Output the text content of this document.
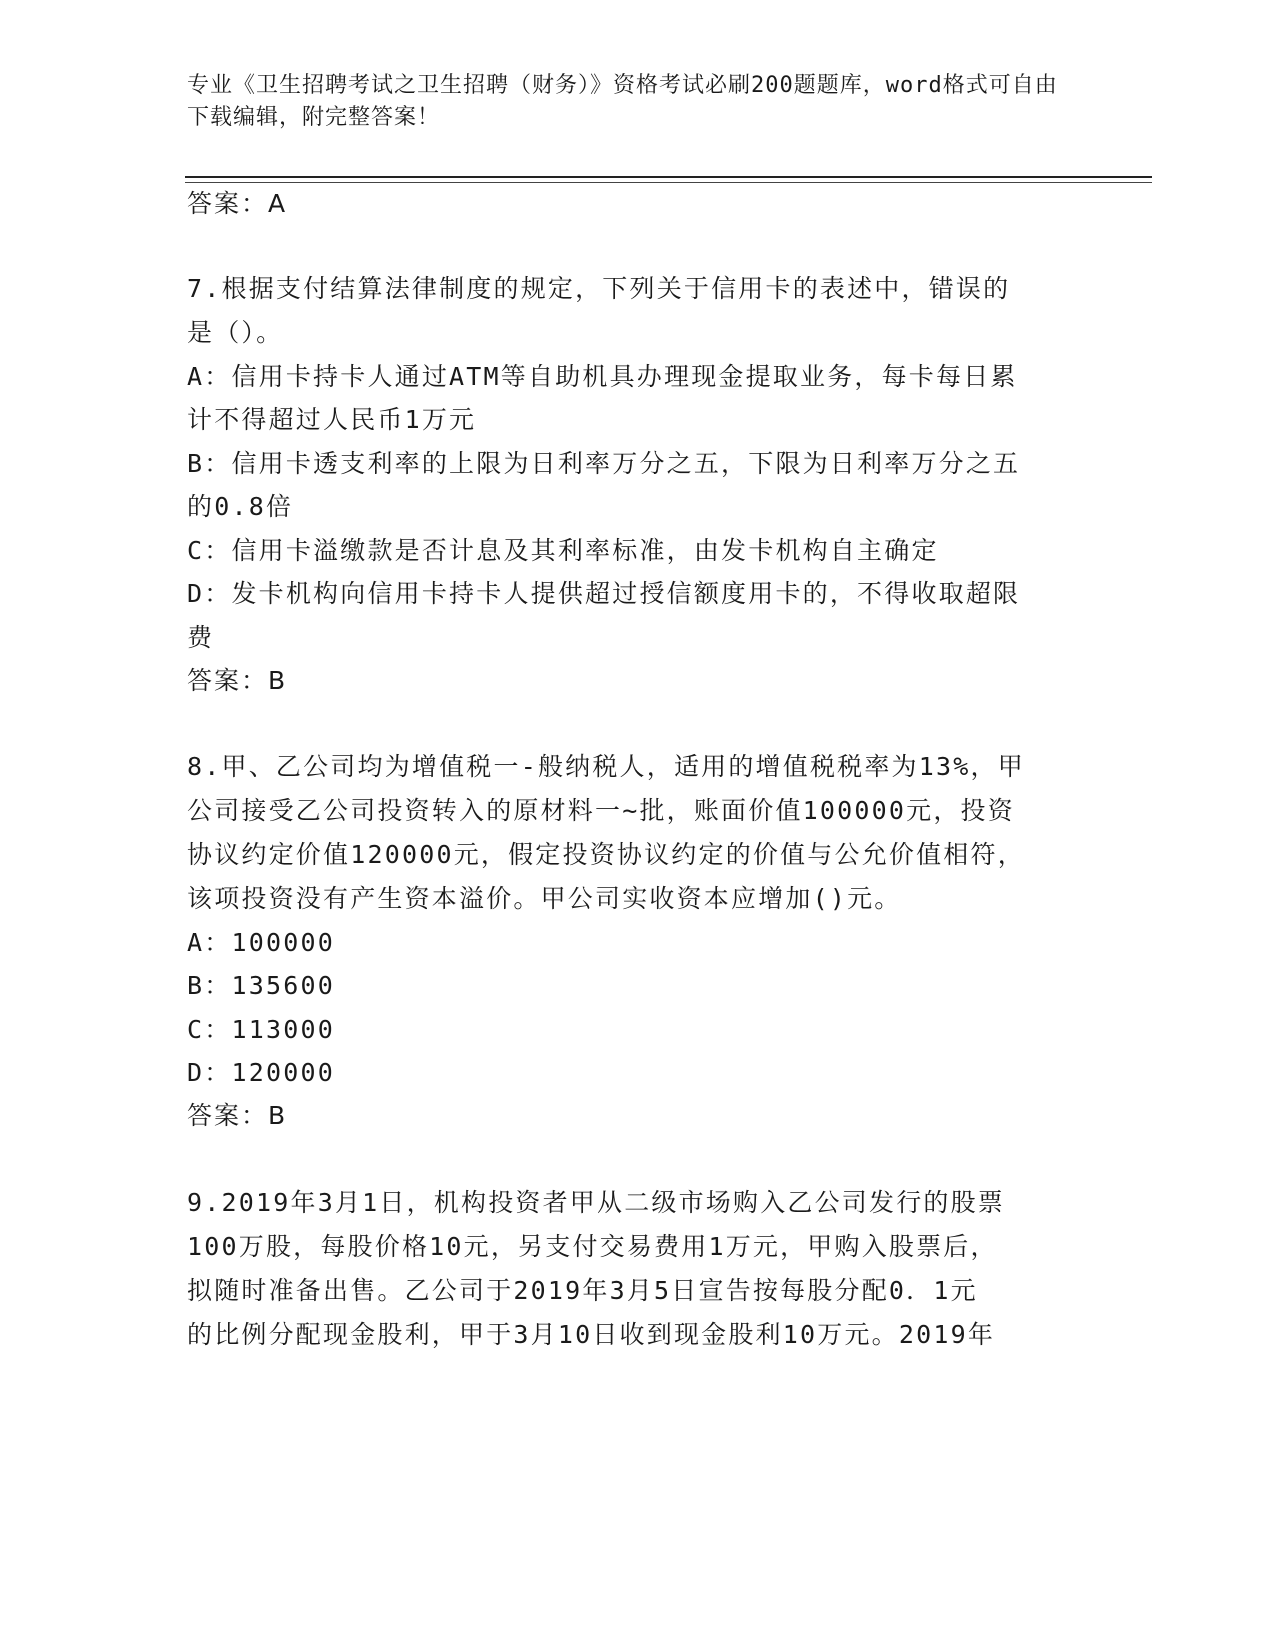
专业《卫生招聘考试之卫生招聘（财务）》资格考试必刷200题题库，word格式可自由下载编辑，附完整答案！

答案：A

7.根据支付结算法律制度的规定，下列关于信用卡的表述中，错误的

是（）。

A：信用卡持卡人通过ATM等自助机具办理现金提取业务，每卡每日累

计不得超过人民币1万元

B：信用卡透支利率的上限为日利率万分之五，下限为日利率万分之五

的0.8倍

C：信用卡溢缴款是否计息及其利率标准，由发卡机构自主确定

D：发卡机构向信用卡持卡人提供超过授信额度用卡的，不得收取超限

费

答案：B

8.甲、乙公司均为增值税一-般纳税人，适用的增值税税率为13%，甲

公司接受乙公司投资转入的原材料一~批，账面价值100000元，投资

协议约定价值120000元，假定投资协议约定的价值与公允价值相符，

该项投资没有产生资本溢价。甲公司实收资本应增加()元。

A：100000

B：135600

C：113000

D：120000

答案：B

9.2019年3月1日，机构投资者甲从二级市场购入乙公司发行的股票

100万股，每股价格10元，另支付交易费用1万元，甲购入股票后，

拟随时准备出售。乙公司于2019年3月5日宣告按每股分配0．1元

的比例分配现金股利，甲于3月10日收到现金股利10万元。2019年
